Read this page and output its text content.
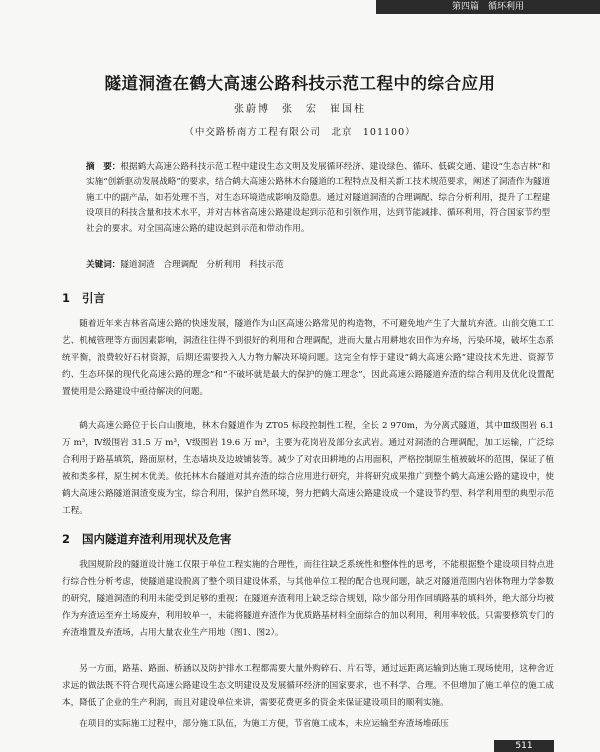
第四篇　循环利用
隧道洞渣在鹤大高速公路科技示范工程中的综合应用
张蔚博　张　宏　崔国柱
（中交路桥南方工程有限公司　北京　101100）
摘　要：根据鹤大高速公路科技示范工程中建设生态文明及发展循环经济、建设绿色、循环、低碳交通、建设“生态吉林”和实施“创新驱动发展战略”的要求，结合鹤大高速公路林木台隧道的工程特点及相关新工技术规范要求，阐述了洞渣作为隧道施工中的副产品，如若处理不当，对生态环境造成影响及隐患。通过对隧道洞渣的合理调配、综合分析利用，提升了工程建设项目的科技含量和技术水平，并对吉林省高速公路建设起到示范和引领作用，达到节能减排、循环利用，符合国家节约型社会的要求。对全国高速公路的建设起到示范和带动作用。
关键词：隧道洞渣　合理调配　分析利用　科技示范
1 引言
随着近年来吉林省高速公路的快速发展，隧道作为山区高速公路常见的构造物，不可避免地产生了大量坑弃渣。山前交施工工艺、机械管理等方面因素影响，洞渣往往得不到很好的利用和合理调配，进而大量占用耕地农田作为弃场，污染环境，破坏生态系统平衡，浪费较好石材资源，后期还需要投入人力物力解决环境问题。这完全有悖于建设“鹤大高速公路”建设技术先进、资源节约、生态环保的现代化高速公路的理念”和“不破坏就是最大的保护的施工理念”，因此高速公路隧道弃渣的综合利用及优化设置配置使用是公路建设中亟待解决的问题。
鹤大高速公路位于长白山腹地，林木台隧道作为 ZT05 标段控制性工程，全长 2 970m，为分离式隧道，其中Ⅲ级围岩 6.1 万 m³，Ⅳ级围岩 31.5 万 m³，Ⅴ级围岩 19.6 万 m³，主要为花岗岩及部分玄武岩。通过对洞渣的合理调配，加工运输，广泛综合利用于路基填筑，路面原材，生态墙块及边坡铺装等。减少了对农田耕地的占用面积，严格控制原生植被破坏的范围，保证了植被和类多样，原生树木优美。依托林木台隧道对其弃渣的综合应用进行研究，并将研究成果推广到整个鹤大高速公路的建设中，使鹤大高速公路隧道洞渣变废为宝，综合利用，保护自然环境，努力把鹤大高速公路建设成一个建设节约型、科学利用型的典型示范工程。
2 国内隧道弃渣利用现状及危害
我国规阶段的隧道设计施工仅限于单位工程实施的合理性，而往往缺乏系统性和整体性的思考，不能根据整个建设项目特点进行综合性分析考虑，使隧道建设脱离了整个项目建设体系，与其他单位工程的配合也现问题，缺乏对隧道范围内岩体物理力学参数的研究，隧道洞渣的利用未能受到足够的重视；在隧道弃渣利用上缺乏综合规划，除少部分用作回填路基的填料外，绝大部分均被作为弃渣运至弃土场废弃，利用较单一，未能将隧道弃渣作为优质路基材料全面综合的加以利用，利用率较低。只需要修筑专门的弃渣堆置及弃渣场，占用大量农业生产用地（图1、图2）。
另一方面，路基、路面、桥涵以及防护排水工程都需要大量外购碎石、片石等，通过远距离运输到达施工现场使用，这种舍近求远的做法既不符合现代高速公路建设生态文明建设及发展循环经济的国家要求，也不科学、合理。不但增加了施工单位的施工成本，降低了企业的生产利润，而且对建设单位来讲，需要花费更多的资金来保证建设项目的顺利实施。
在项目的实际施工过程中，部分施工队伍，为施工方便，节省施工成本，未应运输至弃渣场堆砾压
511
